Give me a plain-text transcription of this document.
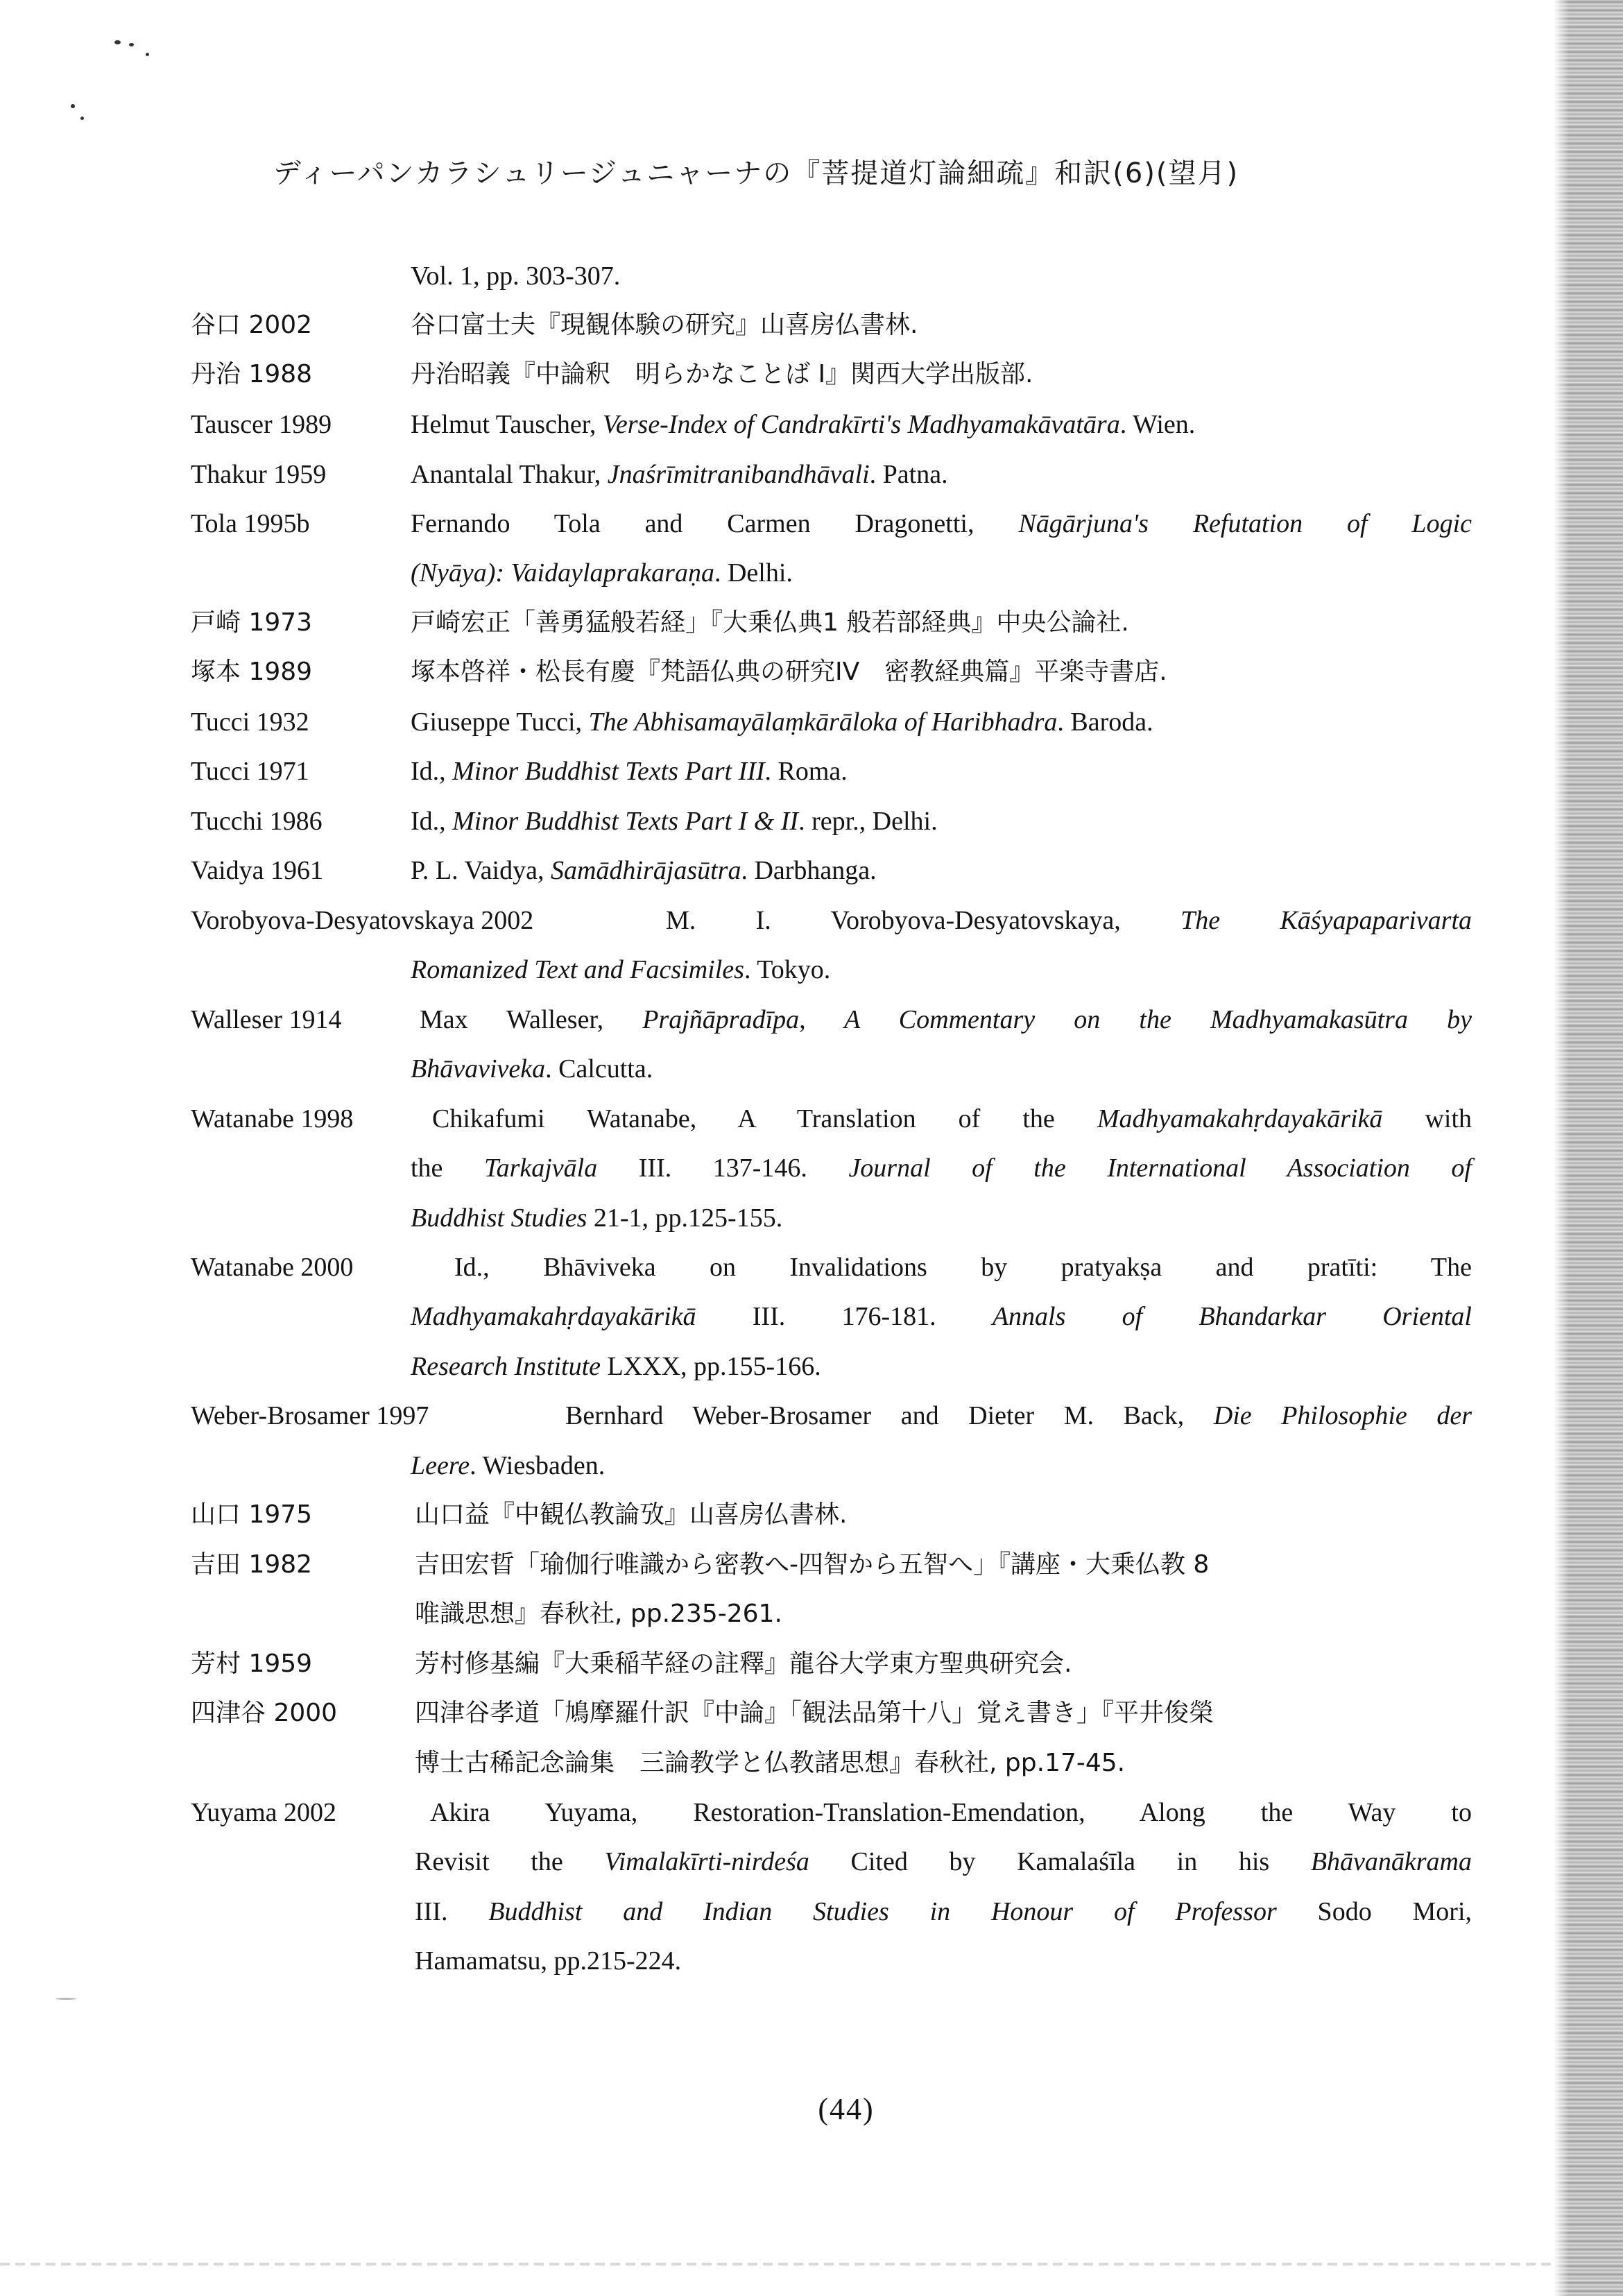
ディーパンカラシュリージュニャーナの『菩提道灯論細疏』和訳(6)(望月)
Vol. 1, pp. 303-307.
谷口 2002	谷口富士夫『現観体験の研究』山喜房仏書林.
丹治 1988	丹治昭義『中論釈　明らかなことば I』関西大学出版部.
Tauscer 1989	Helmut Tauscher, Verse-Index of Candrakīrti's Madhyamakāvatāra. Wien.
Thakur 1959	Anantalal Thakur, Jnaśrīmitranibandhāvali. Patna.
Tola 1995b	Fernando Tola and Carmen Dragonetti, Nāgārjuna's Refutation of Logic
(Nyāya): Vaidaylaprakaraṇa. Delhi.
戸崎 1973	戸崎宏正「善勇猛般若経」『大乗仏典1 般若部経典』中央公論社.
塚本 1989	塚本啓祥・松長有慶『梵語仏典の研究IV　密教経典篇』平楽寺書店.
Tucci 1932	Giuseppe Tucci, The Abhisamayālaṃkārāloka of Haribhadra. Baroda.
Tucci 1971	Id., Minor Buddhist Texts Part III. Roma.
Tucchi 1986	Id., Minor Buddhist Texts Part I & II. repr., Delhi.
Vaidya 1961	P. L. Vaidya, Samādhirājasūtra. Darbhanga.
Vorobyova-Desyatovskaya 2002	M. I. Vorobyova-Desyatovskaya, The Kāśyapaparivarta
Romanized Text and Facsimiles. Tokyo.
Walleser 1914	Max Walleser, Prajñāpradīpa, A Commentary on the Madhyamakasūtra by
Bhāvaviveka. Calcutta.
Watanabe 1998	Chikafumi Watanabe, A Translation of the Madhyamakahṛdayakārikā with
the Tarkajvāla III. 137-146. Journal of the International Association of
Buddhist Studies 21-1, pp.125-155.
Watanabe 2000	Id., Bhāviveka on Invalidations by pratyakṣa and pratīti: The
Madhyamakahṛdayakārikā III. 176-181. Annals of Bhandarkar Oriental
Research Institute LXXX, pp.155-166.
Weber-Brosamer 1997	Bernhard Weber-Brosamer and Dieter M. Back, Die Philosophie der
Leere. Wiesbaden.
山口 1975	山口益『中観仏教論攷』山喜房仏書林.
吉田 1982	吉田宏晢「瑜伽行唯識から密教へ-四智から五智へ」『講座・大乗仏教 8
唯識思想』春秋社, pp.235-261.
芳村 1959	芳村修基編『大乗稲芊経の註釋』龍谷大学東方聖典研究会.
四津谷 2000	四津谷孝道「鳩摩羅什訳『中論』「観法品第十八」覚え書き」『平井俊榮
博士古稀記念論集　三論教学と仏教諸思想』春秋社, pp.17-45.
Yuyama 2002	Akira Yuyama, Restoration-Translation-Emendation, Along the Way to
Revisit the Vimalakīrti-nirdeśa Cited by Kamalaśīla in his Bhāvanākrama
III. Buddhist and Indian Studies in Honour of Professor Sodo Mori,
Hamamatsu, pp.215-224.
(44)
